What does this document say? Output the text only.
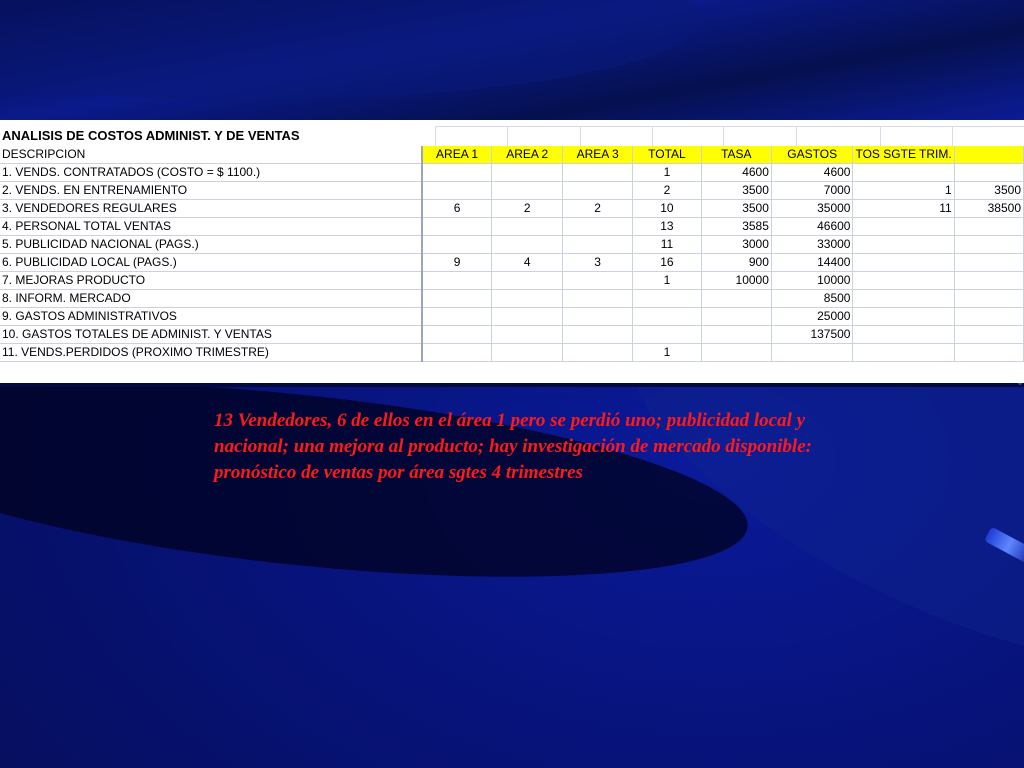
ANALISIS DE COSTOS ADMINIST. Y DE VENTAS
DESCRIPCION	AREA 1	AREA 2	AREA 3	TOTAL	TASA	GASTOS	TOS SGTE TRIM.	
1. VENDS. CONTRATADOS (COSTO = $ 1100.)				1	4600	4600		
2. VENDS. EN ENTRENAMIENTO				2	3500	7000	1	3500
3. VENDEDORES REGULARES	6	2	2	10	3500	35000	11	38500
4. PERSONAL TOTAL VENTAS				13	3585	46600		
5. PUBLICIDAD NACIONAL (PAGS.)				11	3000	33000		
6. PUBLICIDAD LOCAL (PAGS.)	9	4	3	16	900	14400		
7. MEJORAS PRODUCTO				1	10000	10000		
8. INFORM. MERCADO						8500		
9. GASTOS ADMINISTRATIVOS						25000		
10. GASTOS TOTALES DE ADMINIST. Y VENTAS						137500		
11. VENDS.PERDIDOS (PROXIMO TRIMESTRE)				1				
13 Vendedores, 6 de ellos en el área 1 pero se perdió uno; publicidad local y nacional; una mejora al producto; hay investigación de mercado disponible: pronóstico de ventas por área sgtes 4 trimestres
